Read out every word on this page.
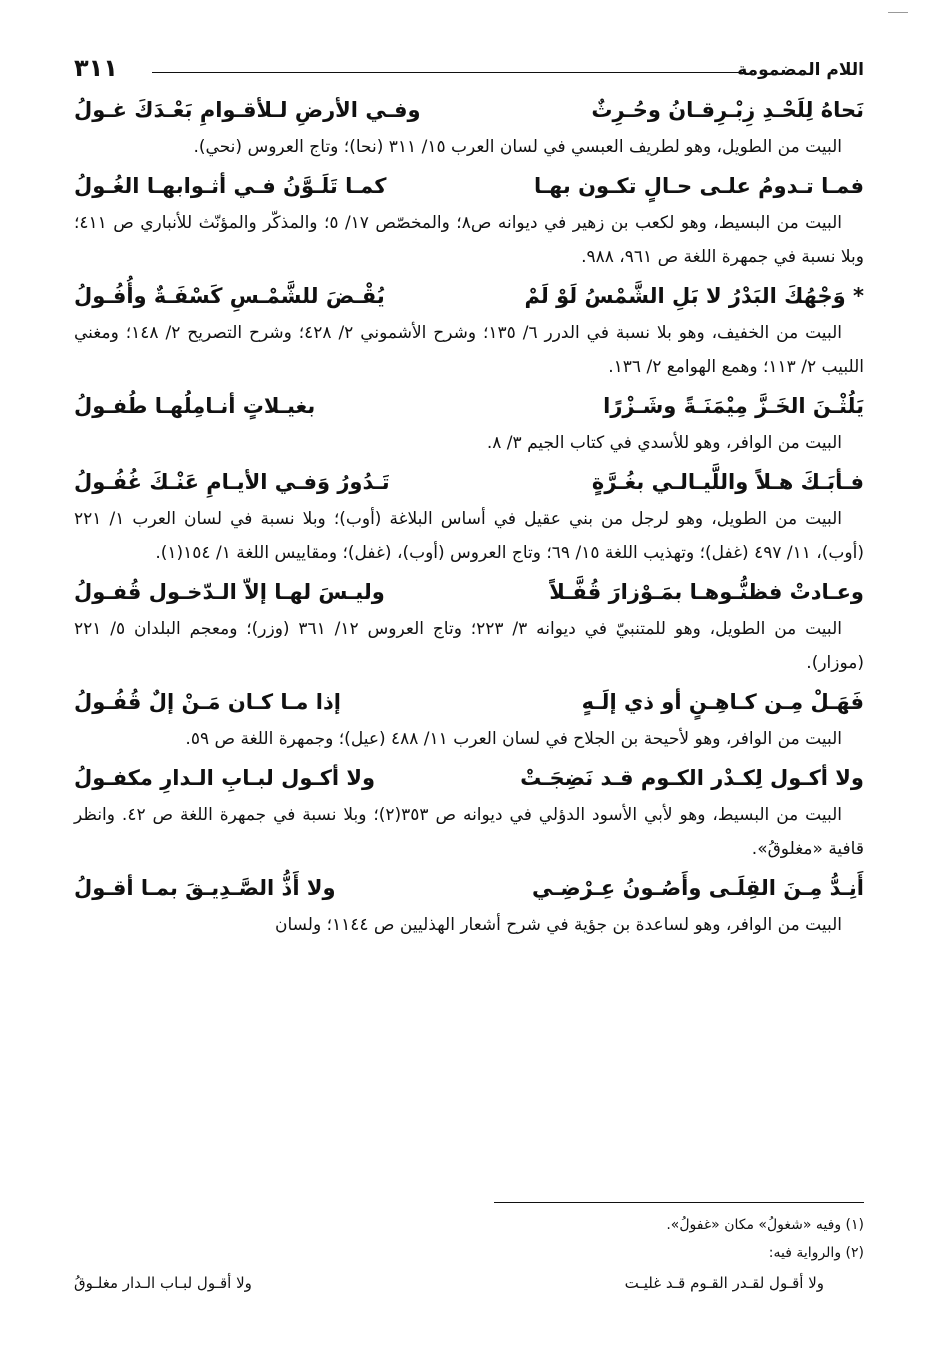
اللام المضمومة
٣١١
نَحاهُ لِلَحْـدِ زِبْـرِقـانُ وحُـرِثٌ
وفـي الأرضِ لـلأقـوامِ بَعْـدَكَ غـولُ

البيت من الطويل، وهو لطريف العبسي في لسان العرب ١٥/ ٣١١ (نحا)؛ وتاج العروس (نحي).

فمـا تـدومُ علـى حـالٍ تكـون بهـا
كمـا تَلَـوَّنُ فـي أثـوابهـا الغُـولُ

البيت من البسيط، وهو لكعب بن زهير في ديوانه ص٨؛ والمخصّص ١٧/ ٥؛ والمذكّر والمؤنّث للأنباري ص ٤١١؛ وبلا نسبة في جمهرة اللغة ص ٩٦١، ٩٨٨.

* وَجْهُكَ البَدْرُ لا بَلِ الشَّمْسُ لَوْ لَمْ
يُقْـضَ للشَّمْـسِ كَسْفَـةٌ وأُفُـولُ

البيت من الخفيف، وهو بلا نسبة في الدرر ٦/ ١٣٥؛ وشرح الأشموني ٢/ ٤٢٨؛ وشرح التصريح ٢/ ١٤٨؛ ومغني اللبيب ٢/ ١١٣؛ وهمع الهوامع ٢/ ١٣٦.

يَلُثْـنَ الخَـزَّ مِيْمَنَـةً وشَـزْرًا
بغيـلاتٍ أنـامِلُهـا طُفـولُ

البيت من الوافر، وهو للأسدي في كتاب الجيم ٣/ ٨.

فـأبَـكَ هـلاً واللَّيـالـي بغُـرَّةٍ
تَـدُورُ وَفـي الأيـامِ عَنْـكَ غُفُـولُ

البيت من الطويل، وهو لرجل من بني عقيل في أساس البلاغة (أوب)؛ وبلا نسبة في لسان العرب ١/ ٢٢١ (أوب)، ١١/ ٤٩٧ (غفل)؛ وتهذيب اللغة ١٥/ ٦٩؛ وتاج العروس (أوب)، (غفل)؛ ومقاييس اللغة ١/ ١٥٤(١).

وعـادتْ فظنُّـوهـا بمَـوْزارَ قُفَّـلاً
وليـسَ لهـا إلاّ الـدّخـول قُفـولُ

البيت من الطويل، وهو للمتنبيّ في ديوانه ٣/ ٢٢٣؛ وتاج العروس ١٢/ ٣٦١ (وزر)؛ ومعجم البلدان ٥/ ٢٢١ (موزار).

فَهَـلْ مِـن كـاهِـنٍ أو ذي إلَـهٍ
إذا مـا كـان مَـنْ إلٌ قُفُـولُ

البيت من الوافر، وهو لأحيحة بن الجلاح في لسان العرب ١١/ ٤٨٨ (عيل)؛ وجمهرة اللغة ص ٥٩.

ولا أكـول لِكـدْر الكـوم قـد نَضِجَـتْ
ولا أكـول لبـابِ الـدارِ مكفـولُ

البيت من البسيط، وهو لأبي الأسود الدؤلي في ديوانه ص ٣٥٣(٢)؛ وبلا نسبة في جمهرة اللغة ص ٤٢. وانظر قافية «مغلوقُ».

أَنِـدُّ مِـنَ القِلَـى وأَصُـونُ عِـرْضِـي
ولا أَذُّ الصَّـدِيـقَ بمـا أقـولُ

البيت من الوافر، وهو لساعدة بن جؤية في شرح أشعار الهذليين ص ١١٤٤؛ ولسان

(١) وفيه «شغولُ» مكان «غفولُ».
(٢) والرواية فيه:
ولا أقـول لقـدر القـوم قـد غليـت
ولا أقـول لبـاب الـدار مغلـوقُ
